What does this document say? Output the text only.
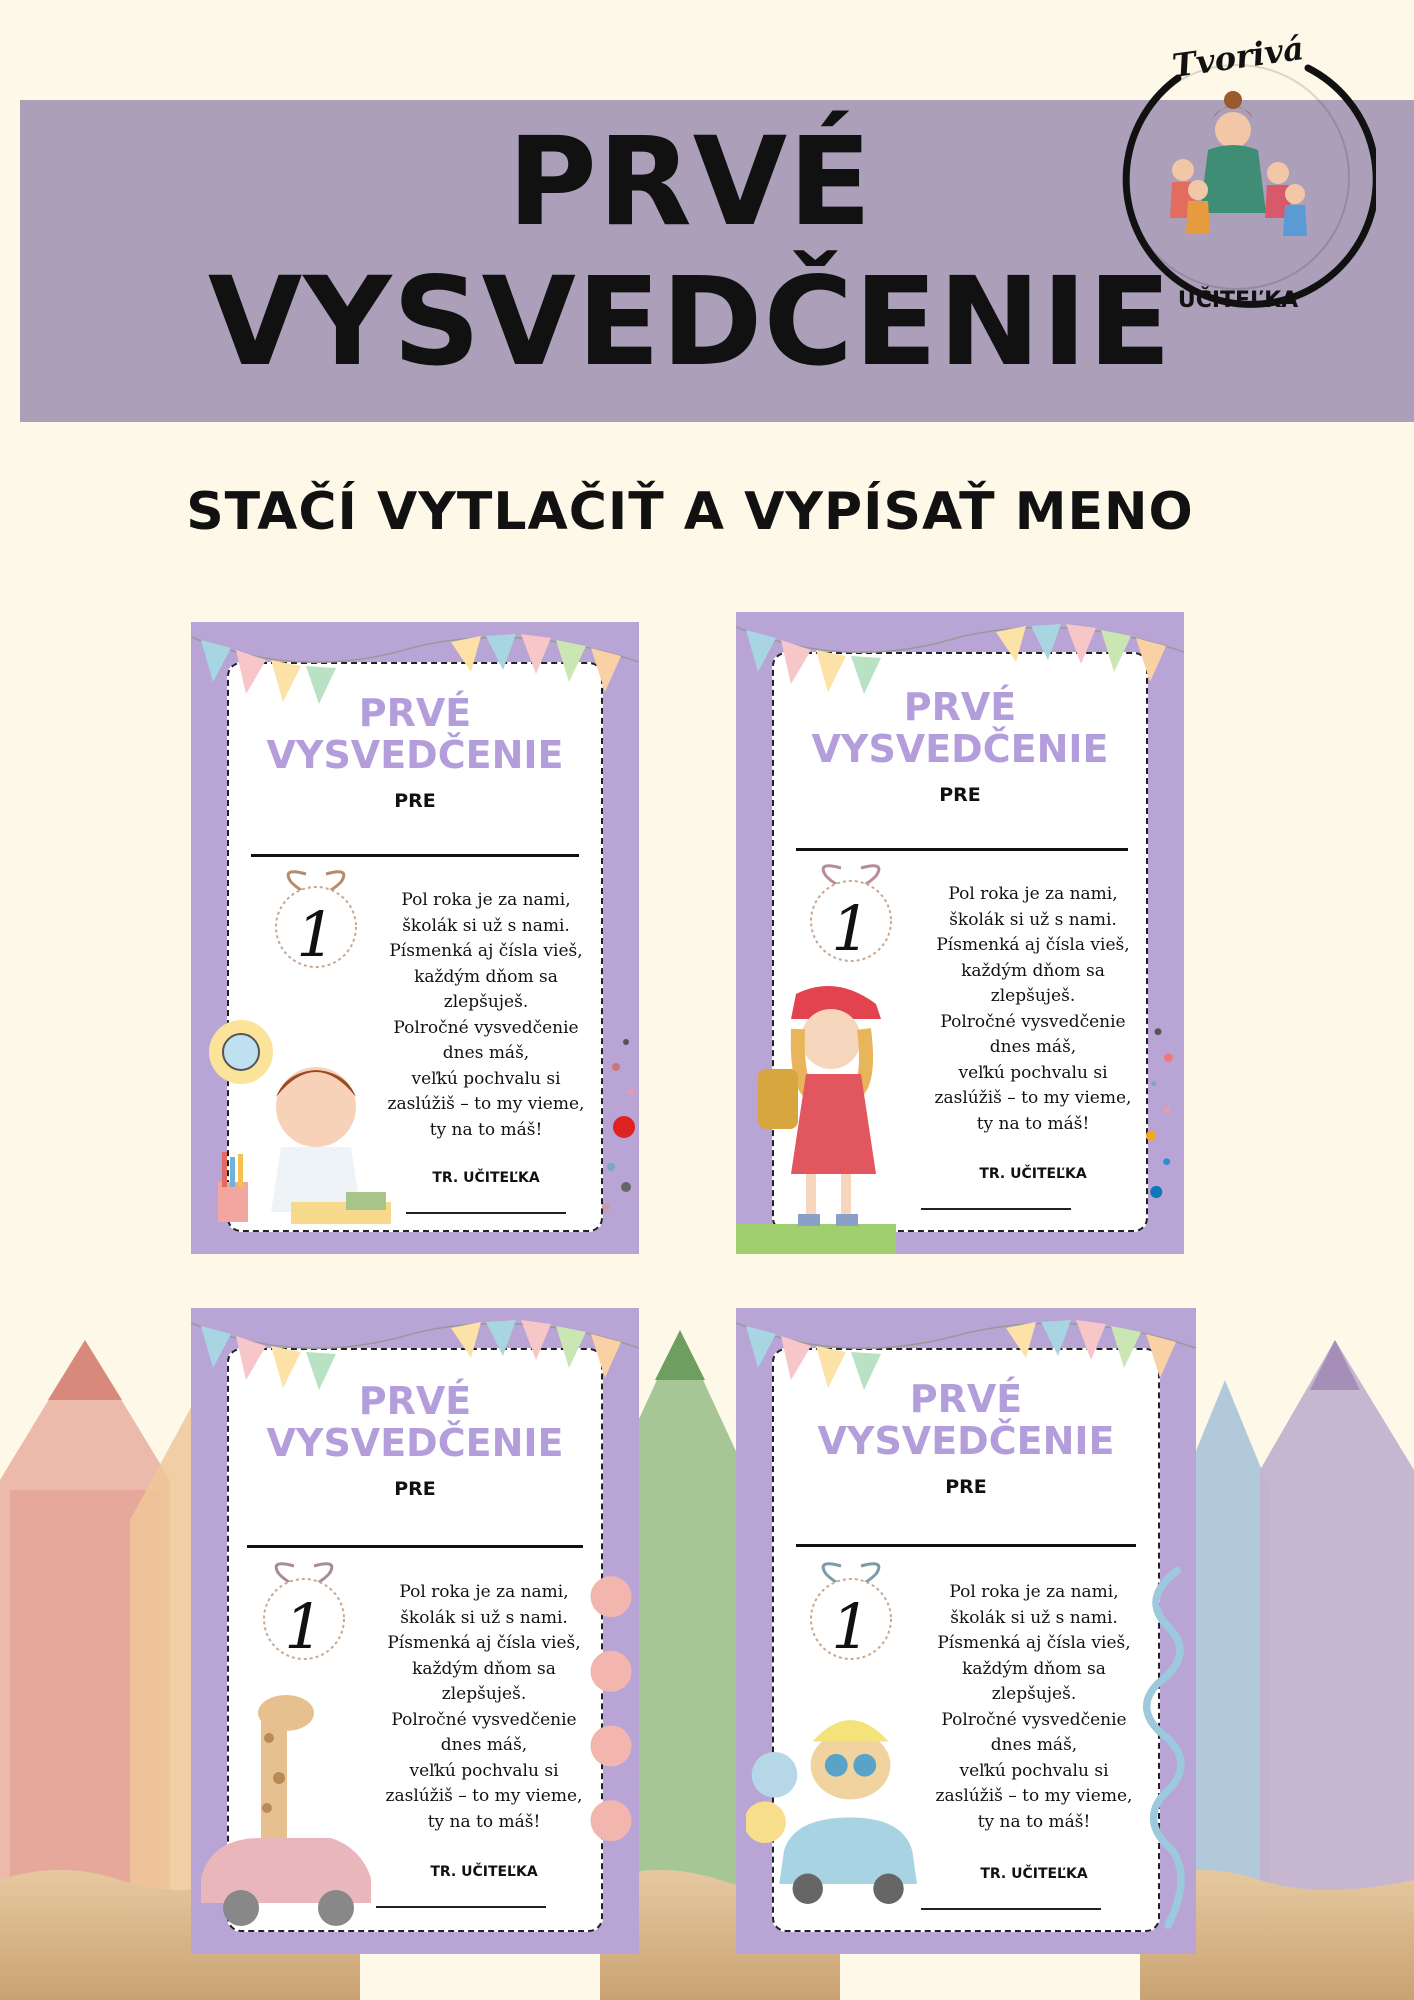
PRVÉ
VYSVEDČENIE
Tvorivá
UČITEĽKA
STAČÍ VYTLAČIŤ A VYPÍSAŤ MENO
PRVÉ
VYSVEDČENIE
PRE
1	Pol roka je za nami,
školák si už s nami.
Písmenká aj čísla vieš,
každým dňom sa
zlepšuješ.
Polročné vysvedčenie
dnes máš,
veľkú pochvalu si
zaslúžiš – to my vieme,
ty na to máš!
TR. UČITEĽKA
PRVÉ
VYSVEDČENIE
PRE
1	Pol roka je za nami,
školák si už s nami.
Písmenká aj čísla vieš,
každým dňom sa
zlepšuješ.
Polročné vysvedčenie
dnes máš,
veľkú pochvalu si
zaslúžiš – to my vieme,
ty na to máš!
TR. UČITEĽKA
PRVÉ
VYSVEDČENIE
PRE
1	Pol roka je za nami,
školák si už s nami.
Písmenká aj čísla vieš,
každým dňom sa
zlepšuješ.
Polročné vysvedčenie
dnes máš,
veľkú pochvalu si
zaslúžiš – to my vieme,
ty na to máš!
TR. UČITEĽKA
PRVÉ
VYSVEDČENIE
PRE
1	Pol roka je za nami,
školák si už s nami.
Písmenká aj čísla vieš,
každým dňom sa
zlepšuješ.
Polročné vysvedčenie
dnes máš,
veľkú pochvalu si
zaslúžiš – to my vieme,
ty na to máš!
TR. UČITEĽKA
